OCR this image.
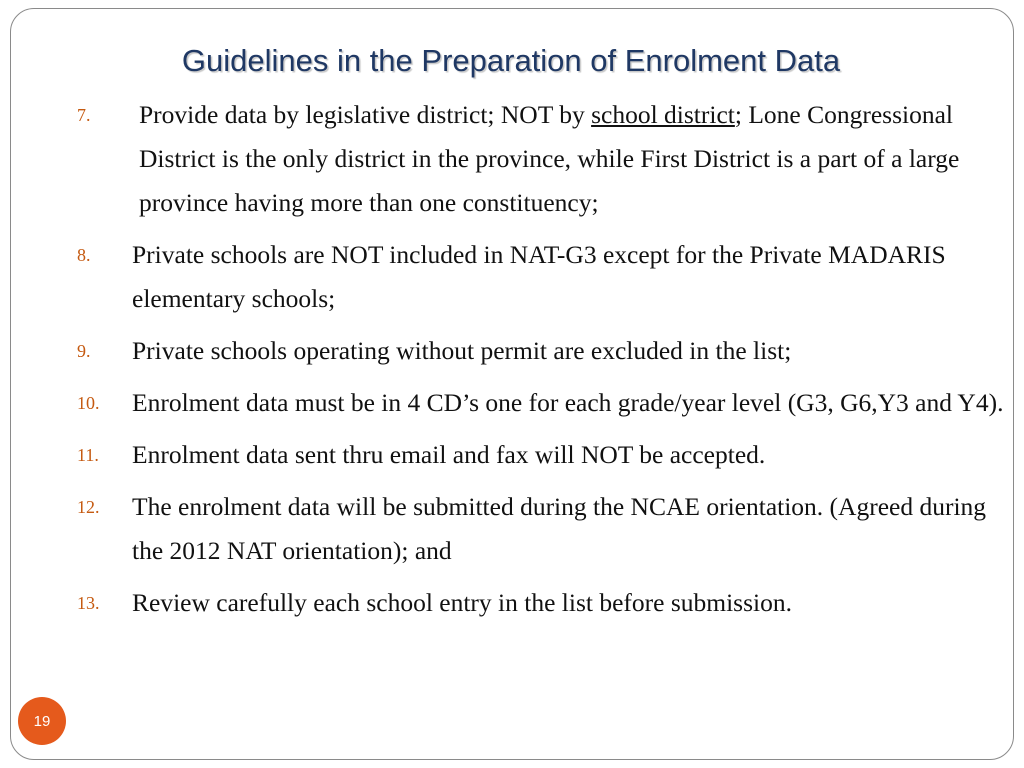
Guidelines in the Preparation of Enrolment Data
7.	Provide data by legislative district; NOT by school district; Lone Congressional District is the only district in the province, while First District is a part of a large province having more than one constituency;
8.	Private schools are NOT included in NAT-G3 except for the Private MADARIS elementary schools;
9.	Private schools operating without permit are excluded in the list;
10.	Enrolment data must be in 4 CD’s one for each grade/year level (G3, G6,Y3 and Y4).
11.	Enrolment data sent thru email and fax will NOT be accepted.
12.	The enrolment data will be submitted during the NCAE orientation. (Agreed during the 2012 NAT orientation); and
13.	Review carefully each school entry in the list before submission.
19
